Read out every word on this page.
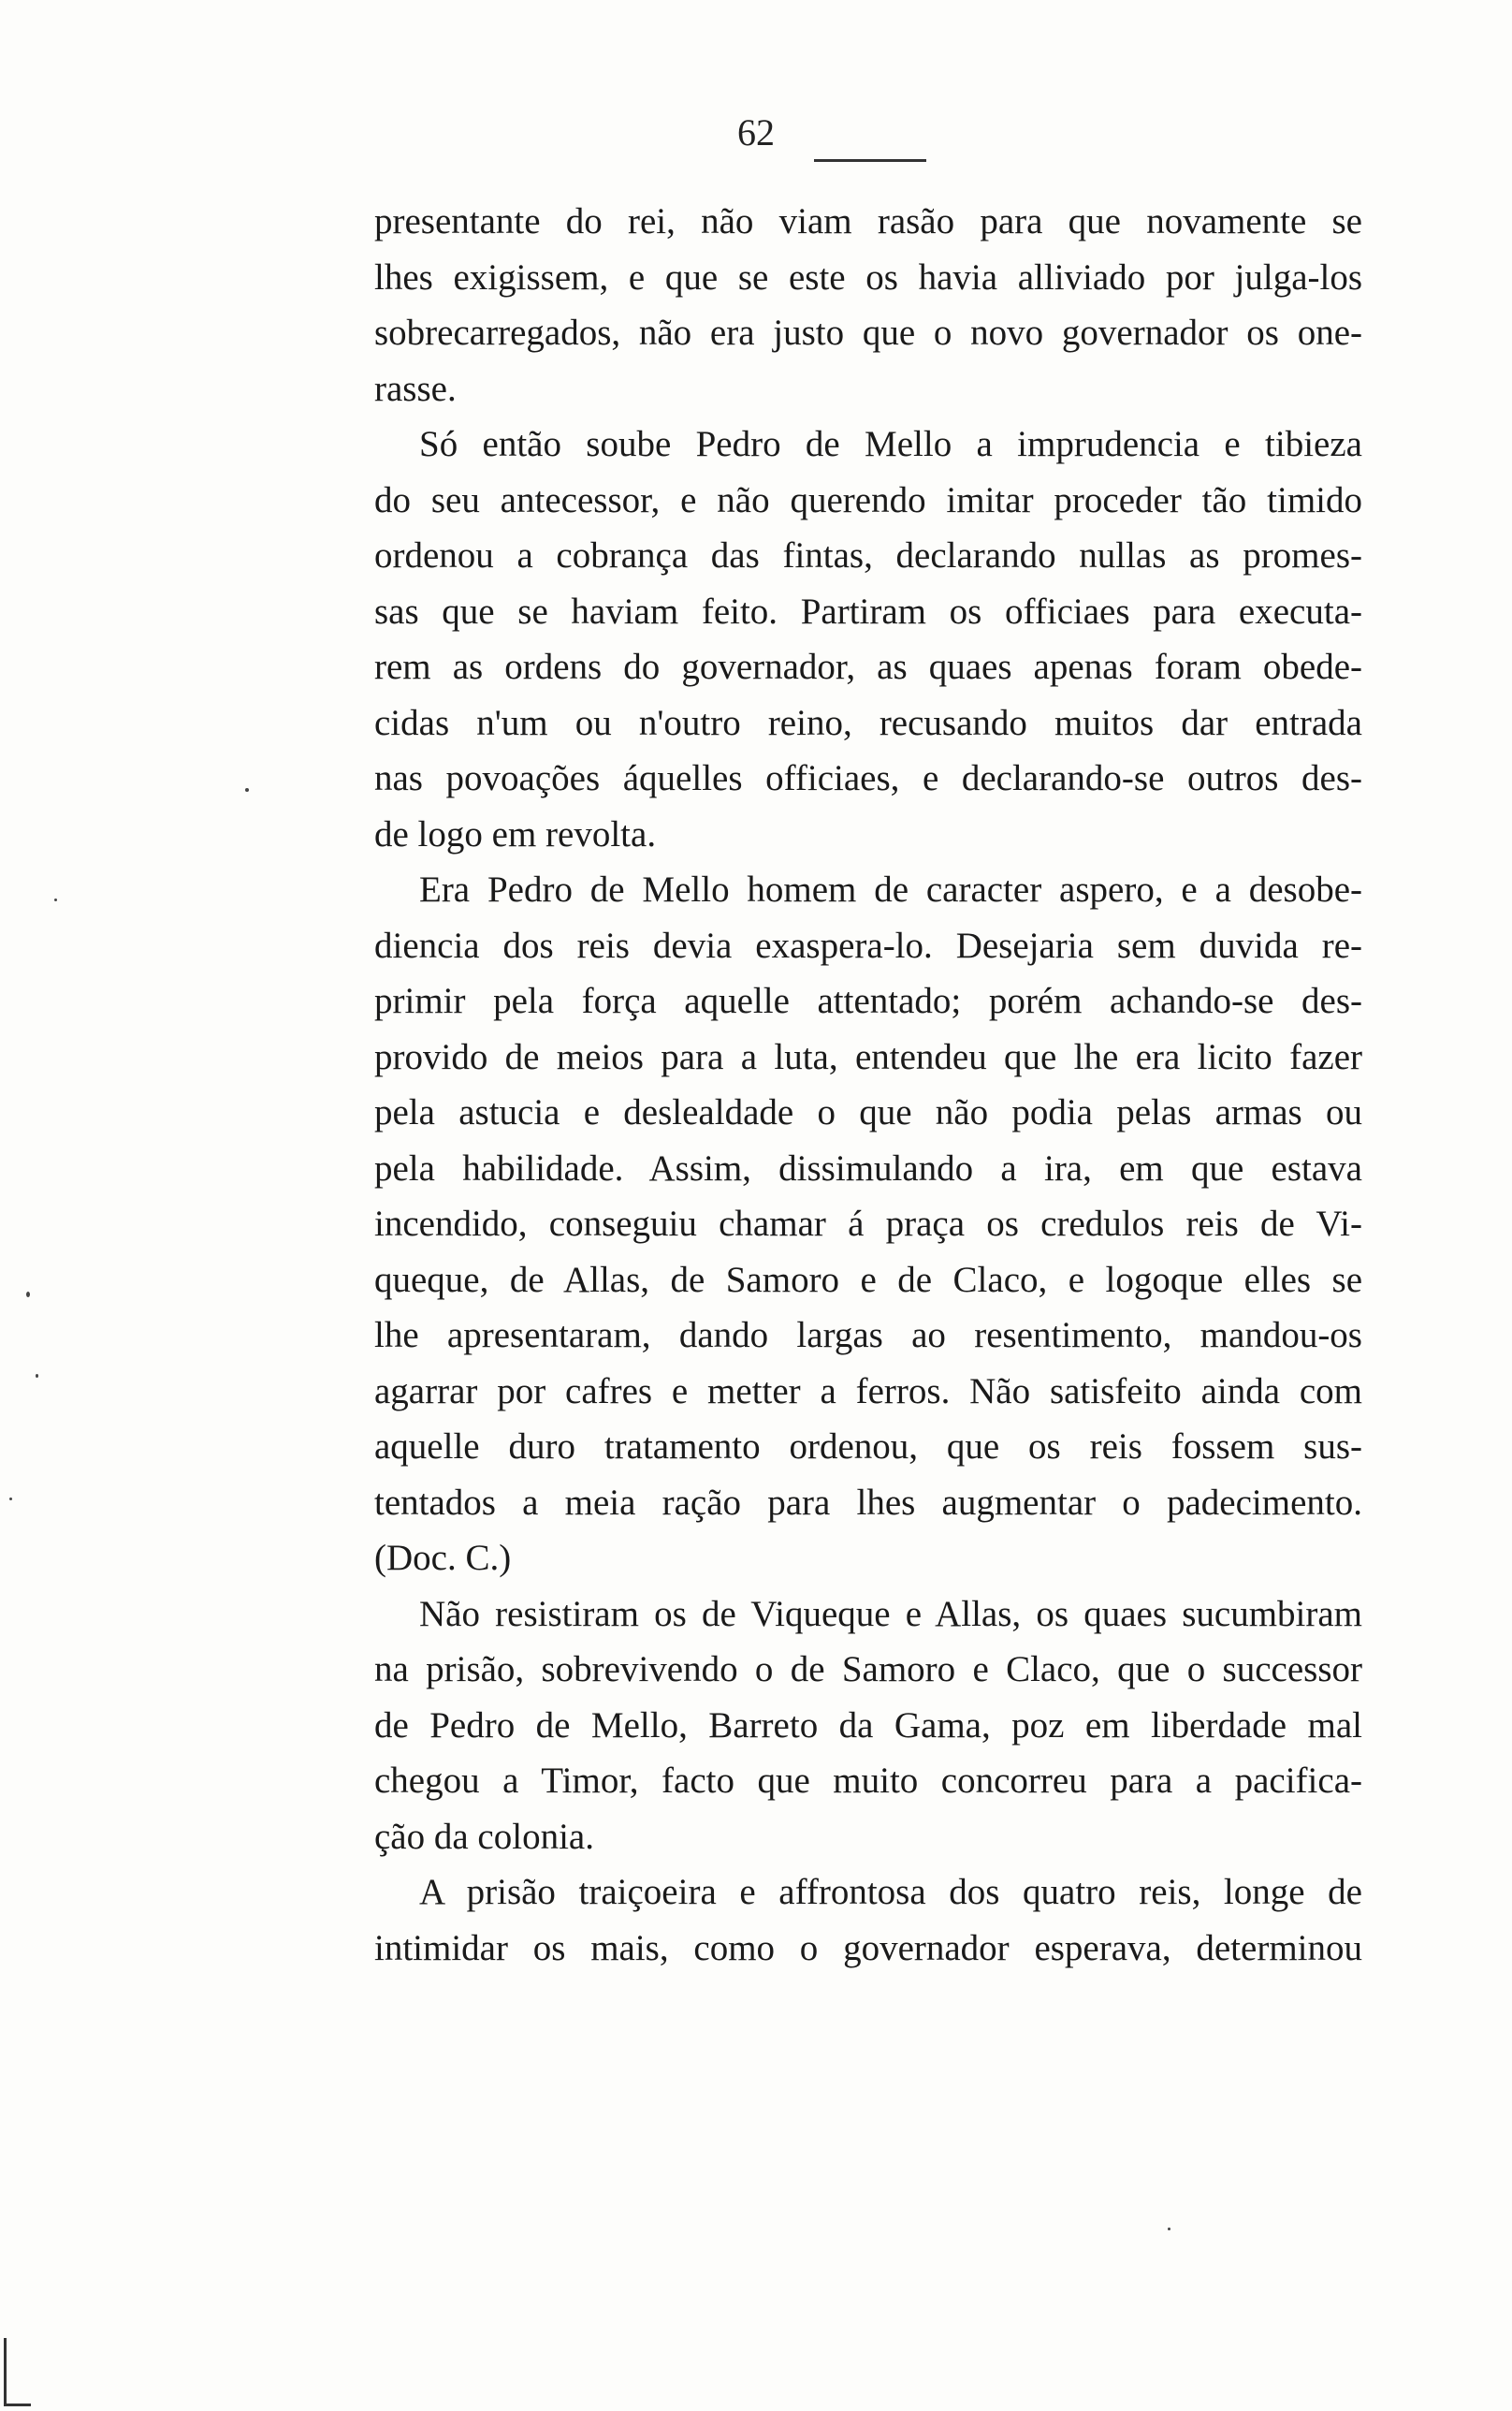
62
presentante do rei, não viam rasão para que novamente se
lhes exigissem, e que se este os havia alliviado por julga-los
sobrecarregados, não era justo que o novo governador os one-
rasse.
Só então soube Pedro de Mello a imprudencia e tibieza
do seu antecessor, e não querendo imitar proceder tão timido
ordenou a cobrança das fintas, declarando nullas as promes-
sas que se haviam feito. Partiram os officiaes para executa-
rem as ordens do governador, as quaes apenas foram obede-
cidas n'um ou n'outro reino, recusando muitos dar entrada
nas povoações áquelles officiaes, e declarando-se outros des-
de logo em revolta.
Era Pedro de Mello homem de caracter aspero, e a desobe-
diencia dos reis devia exaspera-lo. Desejaria sem duvida re-
primir pela força aquelle attentado; porém achando-se des-
provido de meios para a luta, entendeu que lhe era licito fazer
pela astucia e deslealdade o que não podia pelas armas ou
pela habilidade. Assim, dissimulando a ira, em que estava
incendido, conseguiu chamar á praça os credulos reis de Vi-
queque, de Allas, de Samoro e de Claco, e logoque elles se
lhe apresentaram, dando largas ao resentimento, mandou-os
agarrar por cafres e metter a ferros. Não satisfeito ainda com
aquelle duro tratamento ordenou, que os reis fossem sus-
tentados a meia ração para lhes augmentar o padecimento.
(Doc. C.)
Não resistiram os de Viqueque e Allas, os quaes sucumbiram
na prisão, sobrevivendo o de Samoro e Claco, que o successor
de Pedro de Mello, Barreto da Gama, poz em liberdade mal
chegou a Timor, facto que muito concorreu para a pacifica-
ção da colonia.
A prisão traiçoeira e affrontosa dos quatro reis, longe de
intimidar os mais, como o governador esperava, determinou
